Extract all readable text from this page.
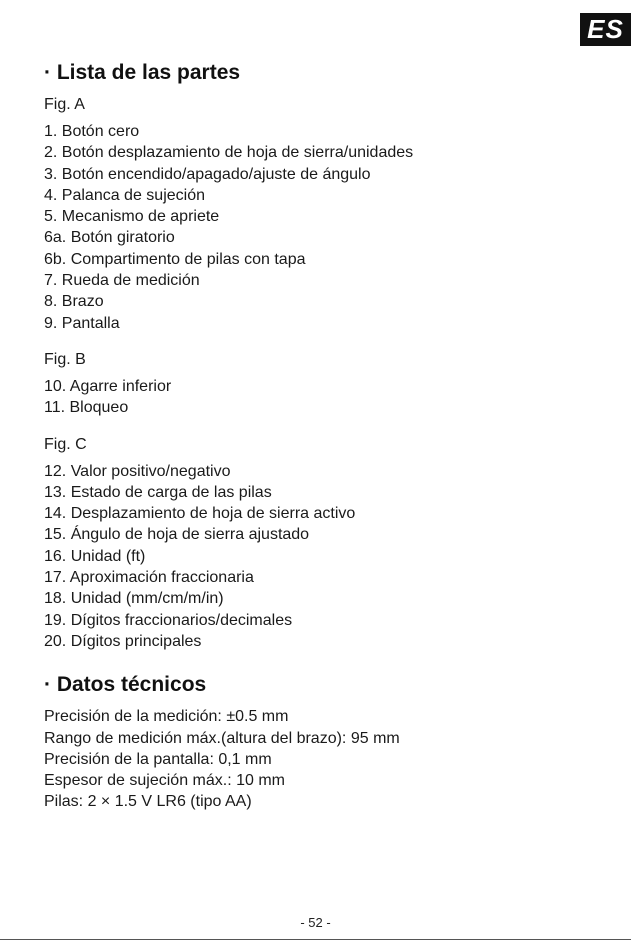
ES
· Lista de las partes
Fig. A
1. Botón cero
2. Botón desplazamiento de hoja de sierra/unidades
3. Botón encendido/apagado/ajuste de ángulo
4. Palanca de sujeción
5. Mecanismo de apriete
6a. Botón giratorio
6b. Compartimento de pilas con tapa
7. Rueda de medición
8. Brazo
9. Pantalla
Fig. B
10. Agarre inferior
11. Bloqueo
Fig. C
12. Valor positivo/negativo
13. Estado de carga de las pilas
14. Desplazamiento de hoja de sierra activo
15. Ángulo de hoja de sierra ajustado
16. Unidad (ft)
17. Aproximación fraccionaria
18. Unidad (mm/cm/m/in)
19. Dígitos fraccionarios/decimales
20. Dígitos principales
· Datos técnicos
Precisión de la medición: ±0.5 mm
Rango de medición máx.(altura del brazo): 95 mm
Precisión de la pantalla: 0,1 mm
Espesor de sujeción máx.: 10 mm
Pilas: 2 × 1.5 V LR6 (tipo AA)
- 52 -
